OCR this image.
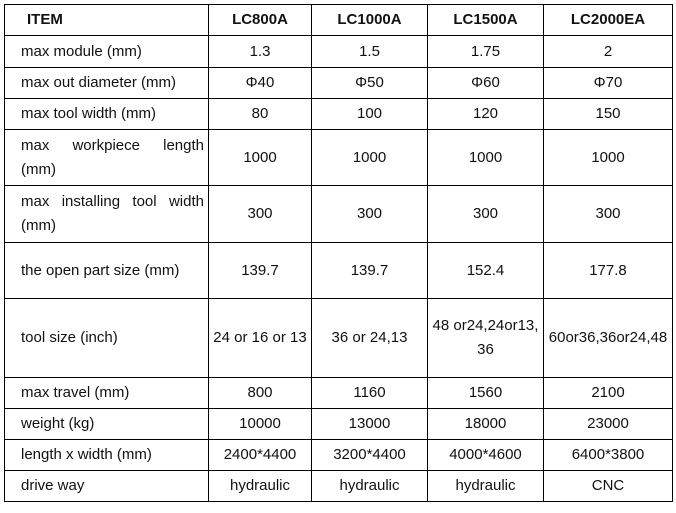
ITEM	LC800A	LC1000A	LC1500A	LC2000EA
max module (mm)	1.3	1.5	1.75	2
max out diameter (mm)	Φ40	Φ50	Φ60	Φ70
max tool width (mm)	80	100	120	150
max workpiece length (mm)	1000	1000	1000	1000
max installing tool width (mm)	300	300	300	300
the open part size (mm)	139.7	139.7	152.4	177.8
tool size (inch)	24 or 16 or 13	36 or 24,13	48 or24,24or13,36	60or36,36or24,48
max travel (mm)	800	1160	1560	2100
weight (kg)	10000	13000	18000	23000
length x width (mm)	2400*4400	3200*4400	4000*4600	6400*3800
drive way	hydraulic	hydraulic	hydraulic	CNC
